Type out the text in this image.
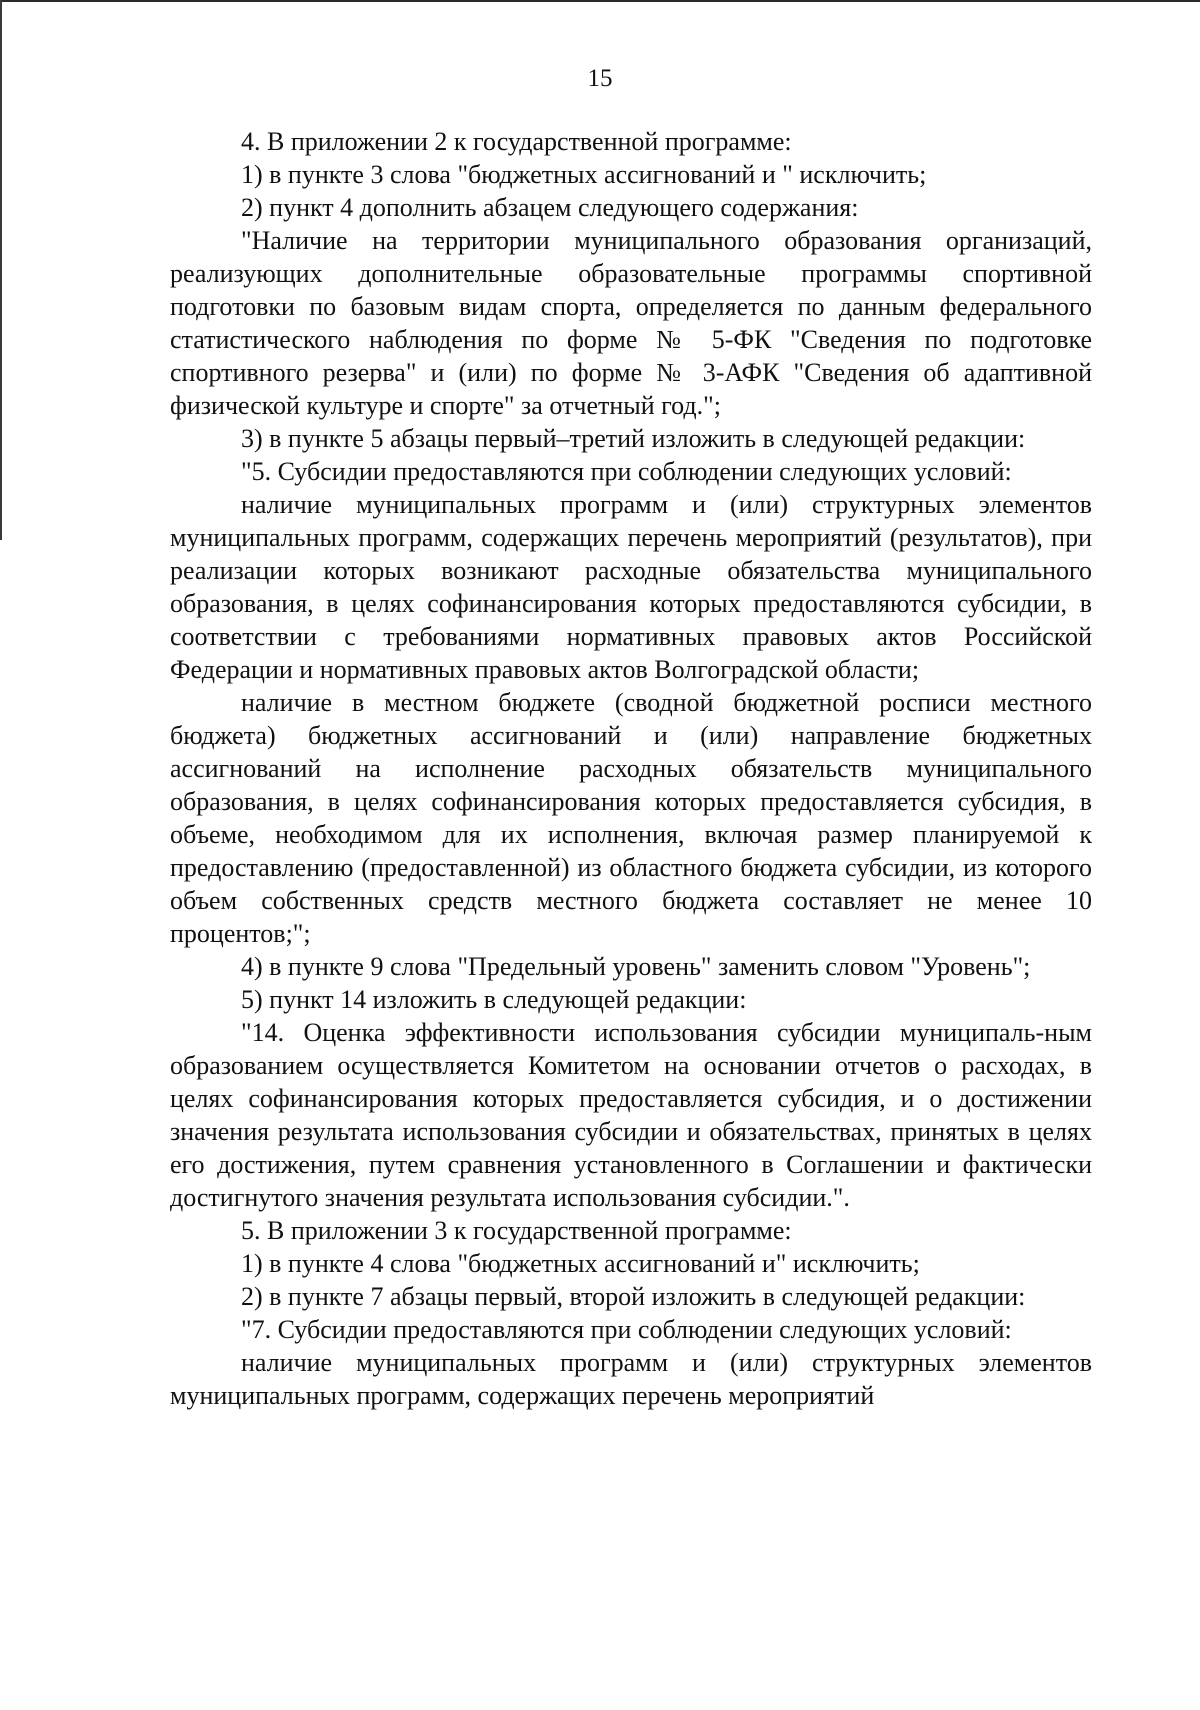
15

4. В приложении 2 к государственной программе:

1) в пункте 3 слова "бюджетных ассигнований и " исключить;

2) пункт 4 дополнить абзацем следующего содержания:

"Наличие на территории муниципального образования организаций, реализующих дополнительные образовательные программы спортивной подготовки по базовым видам спорта, определяется по данным федерального статистического наблюдения по форме № 5-ФК "Сведения по подготовке спортивного резерва" и (или) по форме № 3-АФК "Сведения об адаптивной физической культуре и спорте" за отчетный год.";

3) в пункте 5 абзацы первый–третий изложить в следующей редакции:

"5. Субсидии предоставляются при соблюдении следующих условий:

наличие муниципальных программ и (или) структурных элементов муниципальных программ, содержащих перечень мероприятий (результатов), при реализации которых возникают расходные обязательства муниципального образования, в целях софинансирования которых предоставляются субсидии, в соответствии с требованиями нормативных правовых актов Российской Федерации и нормативных правовых актов Волгоградской области;

наличие в местном бюджете (сводной бюджетной росписи местного бюджета) бюджетных ассигнований и (или) направление бюджетных ассигнований на исполнение расходных обязательств муниципального образования, в целях софинансирования которых предоставляется субсидия, в объеме, необходимом для их исполнения, включая размер планируемой к предоставлению (предоставленной) из областного бюджета субсидии, из которого объем собственных средств местного бюджета составляет не менее 10 процентов;";

4) в пункте 9 слова "Предельный уровень" заменить словом "Уровень";

5) пункт 14 изложить в следующей редакции:

"14. Оценка эффективности использования субсидии муниципаль-ным образованием осуществляется Комитетом на основании отчетов о расходах, в целях софинансирования которых предоставляется субсидия, и о достижении значения результата использования субсидии и обязательствах, принятых в целях его достижения, путем сравнения установленного в Соглашении и фактически достигнутого значения результата использования субсидии.".

5. В приложении 3 к государственной программе:

1) в пункте 4 слова "бюджетных ассигнований и" исключить;

2) в пункте 7 абзацы первый, второй изложить в следующей редакции:

"7. Субсидии предоставляются при соблюдении следующих условий:

наличие муниципальных программ и (или) структурных элементов муниципальных программ, содержащих перечень мероприятий
